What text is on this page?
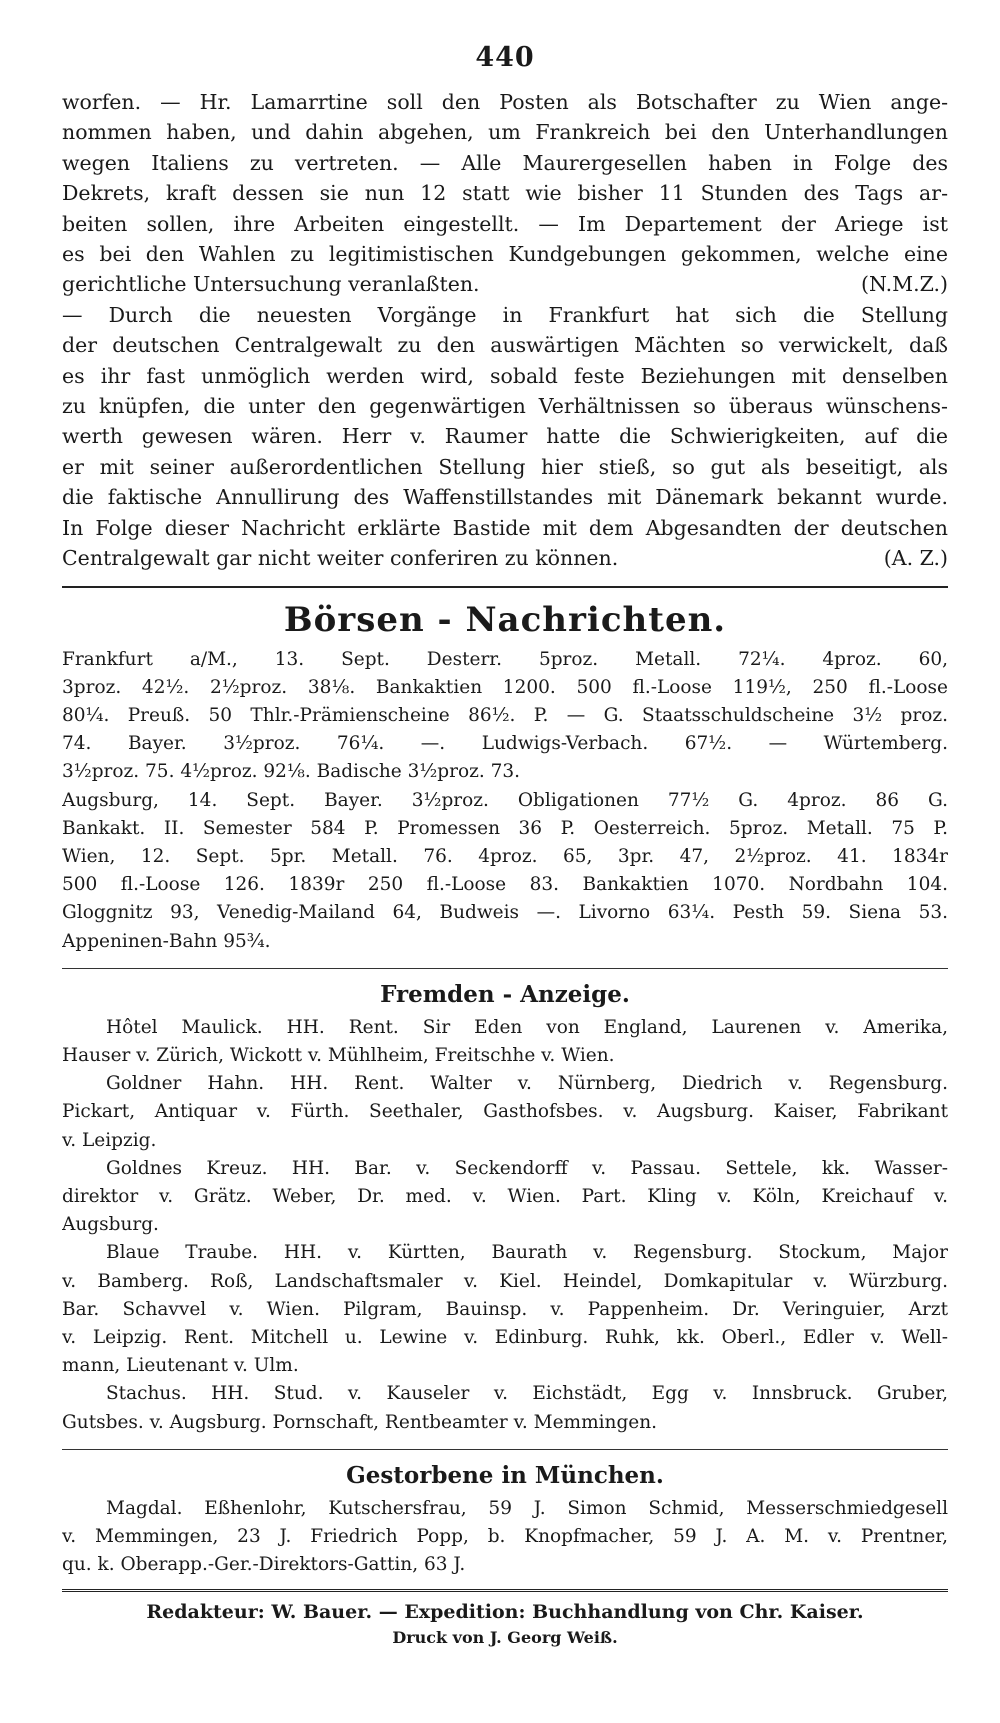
440
worfen. — Hr. Lamarrtine soll den Posten als Botschafter zu Wien ange-
nommen haben, und dahin abgehen, um Frankreich bei den Unterhandlungen
wegen Italiens zu vertreten. — Alle Maurergesellen haben in Folge des
Dekrets, kraft dessen sie nun 12 statt wie bisher 11 Stunden des Tags ar-
beiten sollen, ihre Arbeiten eingestellt. — Im Departement der Ariege ist
es bei den Wahlen zu legitimistischen Kundgebungen gekommen, welche eine
gerichtliche Untersuchung veranlaßten.	(N.M.Z.)
— Durch die neuesten Vorgänge in Frankfurt hat sich die Stellung
der deutschen Centralgewalt zu den auswärtigen Mächten so verwickelt, daß
es ihr fast unmöglich werden wird, sobald feste Beziehungen mit denselben
zu knüpfen, die unter den gegenwärtigen Verhältnissen so überaus wünschens-
werth gewesen wären. Herr v. Raumer hatte die Schwierigkeiten, auf die
er mit seiner außerordentlichen Stellung hier stieß, so gut als beseitigt, als
die faktische Annullirung des Waffenstillstandes mit Dänemark bekannt wurde.
In Folge dieser Nachricht erklärte Bastide mit dem Abgesandten der deutschen
Centralgewalt gar nicht weiter conferiren zu können.	(A. Z.)
Börsen - Nachrichten.
Frankfurt a/M., 13. Sept. Desterr. 5proz. Metall. 72¼. 4proz. 60,
3proz. 42½. 2½proz. 38⅛. Bankaktien 1200. 500 fl.-Loose 119½, 250 fl.-Loose
80¼. Preuß. 50 Thlr.-Prämienscheine 86½. P. — G. Staatsschuldscheine 3½ proz.
74. Bayer. 3½proz. 76¼. —. Ludwigs-Verbach. 67½. — Würtemberg.
3½proz. 75. 4½proz. 92⅛. Badische 3½proz. 73.
Augsburg, 14. Sept. Bayer. 3½proz. Obligationen 77½ G. 4proz. 86 G.
Bankakt. II. Semester 584 P. Promessen 36 P. Oesterreich. 5proz. Metall. 75 P.
Wien, 12. Sept. 5pr. Metall. 76. 4proz. 65, 3pr. 47, 2½proz. 41. 1834r
500 fl.-Loose 126. 1839r 250 fl.-Loose 83. Bankaktien 1070. Nordbahn 104.
Gloggnitz 93, Venedig-Mailand 64, Budweis —. Livorno 63¼. Pesth 59. Siena 53.
Appeninen-Bahn 95¾.
Fremden - Anzeige.
Hôtel Maulick. HH. Rent. Sir Eden von England, Laurenen v. Amerika,
Hauser v. Zürich, Wickott v. Mühlheim, Freitschhe v. Wien.
Goldner Hahn. HH. Rent. Walter v. Nürnberg, Diedrich v. Regensburg.
Pickart, Antiquar v. Fürth. Seethaler, Gasthofsbes. v. Augsburg. Kaiser, Fabrikant
v. Leipzig.
Goldnes Kreuz. HH. Bar. v. Seckendorff v. Passau. Settele, kk. Wasser-
direktor v. Grätz. Weber, Dr. med. v. Wien. Part. Kling v. Köln, Kreichauf v.
Augsburg.
Blaue Traube. HH. v. Kürtten, Baurath v. Regensburg. Stockum, Major
v. Bamberg. Roß, Landschaftsmaler v. Kiel. Heindel, Domkapitular v. Würzburg.
Bar. Schavvel v. Wien. Pilgram, Bauinsp. v. Pappenheim. Dr. Veringuier, Arzt
v. Leipzig. Rent. Mitchell u. Lewine v. Edinburg. Ruhk, kk. Oberl., Edler v. Well-
mann, Lieutenant v. Ulm.
Stachus. HH. Stud. v. Kauseler v. Eichstädt, Egg v. Innsbruck. Gruber,
Gutsbes. v. Augsburg. Pornschaft, Rentbeamter v. Memmingen.
Gestorbene in München.
Magdal. Eßhenlohr, Kutschersfrau, 59 J. Simon Schmid, Messerschmiedgesell
v. Memmingen, 23 J. Friedrich Popp, b. Knopfmacher, 59 J. A. M. v. Prentner,
qu. k. Oberapp.-Ger.-Direktors-Gattin, 63 J.
Redakteur: W. Bauer. — Expedition: Buchhandlung von Chr. Kaiser.
Druck von J. Georg Weiß.
